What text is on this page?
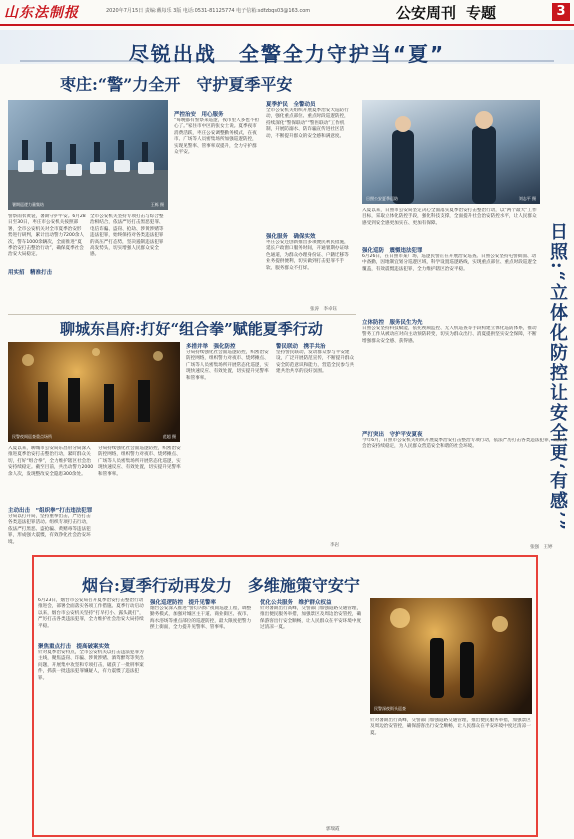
山东法制报	2020年7月15日 责编:戴每乐 3版 电话:0531-81125774 电子信箱:sdfzbqs03@163.com	公安周刊 专题	3
尽锐出战　全警全力守护当“夏”
枣庄:“警”力全开　守护夏季平安
暑期巡逻力量集结	王栋 摄
警察雨衣黄裳，暑期守护平安。6月28日至30日，枣庄市公安机关按照部署，全市公安机关对全市夏季治安形势进行研判，累计出动警力7200余人次，警车1000余辆次，全面推进“夏季治安打击整治行动”，确保夏季社会治安大局稳定。
用实招　精准打击
全市公安机关坚持专项打击与综合整治相结合，依法严厉打击黑恶犯罪、电信诈骗、盗窃、抢劫、涉黄涉赌等违法犯罪，始终保持对各类违法犯罪的高压严打态势，坚决遏制违法犯罪高发势头，切实增强人民群众安全感。
严控治安　用心服务
“每晚都有警察来巡逻，夜市里人多也不担心了。”家住市中区的张女士说。夏季夜市消费活跃，枣庄公安调整勤务模式，在夜市、广场等人员密集场所加强巡逻防控，实现见警率、管事率双提升，全力守护群众平安。
夏季护民　全警动员
全市公安机关组织开展夏季治安大巡防行动，强化重点部位、重点时段巡逻防控，持续深化“警保联动”“警医联动”工作机制，开展防溺水、防诈骗宣传进社区活动，不断提升群众的安全感和满意度。
强化服务　确保实效
枣庄公安还创新推出多项便民利民措施，延长户政窗口服务时间，开通暑期办证绿色通道，为群众办理身份证、户籍迁移等业务提供便利，切实做到打击犯罪不手软、服务群众不打烊。
张涛　李卓钰
聊城东昌府:打好“组合拳”赋能夏季行动
民警夜间巡查重点场所	范超 摄
入夏以来，聊城市公安局东昌府分局深入推进夏季治安打击整治行动，紧盯群众关切，打好“组合拳”，全力维护辖区社会治安持续稳定。截至目前，共出动警力2000余人次，发现整改安全隐患300余处。
主动出击　“组织拳”打击违法犯罪
分局以打开局，坚持重拳出击，严厉打击各类违法犯罪活动。组织专项打击行动，依法严打黑恶、盗抢骗、黄赌毒等违法犯罪，形成强大震慑，有效净化社会治安环境。
分局持续强化社会面巡逻防控，织密治安防控网络，组织警力对夜市、烧烤摊点、广场等人员密集场所开展常态化巡逻，实现快速反应、有效处置，切实提升见警率和管事率。
多措并举　强化防控
分局持续强化社会面巡逻防控，织密治安防控网络，组织警力对夜市、烧烤摊点、广场等人员密集场所开展常态化巡逻，实现快速反应、有效处置，切实提升见警率和管事率。
警民联动　携手共治
坚持警民联动，发动群众参与平安建设，广泛开展防范宣传，不断提升群众安全防范意识和能力，营造全民参与共建共治共享的良好氛围。
李岩
日照公安夏季巡防	刘志平 摄
日照:“立体化防控让安全更‘有感’”
入夏以来，日照市公安局坚定决心全面落实夏季治安打击整治行动，以“两个最大”工作目标，采取立体化防控手段，强化科技支撑，全面提升社会治安防控水平，让人民群众感受到安全感更加实在、更加有保障。
强化巡防　震慑违法犯罪
6月26日，在日照市某广场，巡逻民警正在开展治安巡查。日照公安坚持屯警街面、动中备勤，因地制宜划分巡逻区域，科学设置巡逻路线，实现重点部位、重点时段巡逻全覆盖，有效震慑违法犯罪，全力维护辖区治安平稳。
立体防控　服务民生为先
日照公安坚持科技赋能，依托视频监控、无人机巡查等手段构建立体化巡防体系，推动警务工作从被动应对向主动预防转变，切实为群众出行、消夏提供坚实安全保障，不断增强群众安全感、获得感。
严打突出　守护平安夏夜
今年6月，日照市公安机关组织开展夏季治安打击整治专项行动，依法严厉打击各类违法犯罪，确保社会治安持续稳定，为人民群众营造安全和谐的社会环境。
张强　王婷
烟台:夏季行动再发力　多维施策守安宁
6月23日，烟台市公安局召开夏季治安打击整治行动推进会，部署全面落实各项工作措施。夏季行动启动以来，烟台市公安机关坚持“打早打小、露头就打”，严厉打击各类违法犯罪，全力维护社会治安大局持续平稳。
聚焦重点打击　提高破案实效
针对夏季治安特点，全市公安机关以打击违法犯罪为主线，聚焦盗窃、诈骗、涉黄涉赌、酒驾醉驾等突出问题，开展集中攻坚和专项打击，破获了一批刑事案件，抓获一批违法犯罪嫌疑人，有力震慑了违法犯罪。
强化巡逻防控　提升见警率
烟台公安深入推进“警灯闪烁”夜间巡逻工程，调整勤务模式，加强对城区主干道、商业街区、夜市、海水浴场等重点部位的巡逻防控，最大限度把警力摆上街面，全力提升见警率、管事率。
优化公共服务　维护群众权益
针对暑期出行高峰，交警部门加强道路交通管理，推出便民服务举措，加强景区及周边治安管控，确保游客出行安全顺畅，让人民群众在平安环境中度过清凉一夏。
郭瑞霞
民警深夜街头巡查
针对暑期出行高峰，交警部门加强道路交通管理，推出便民服务举措，加强景区及周边治安管控，确保游客出行安全顺畅，让人民群众在平安环境中度过清凉一夏。
